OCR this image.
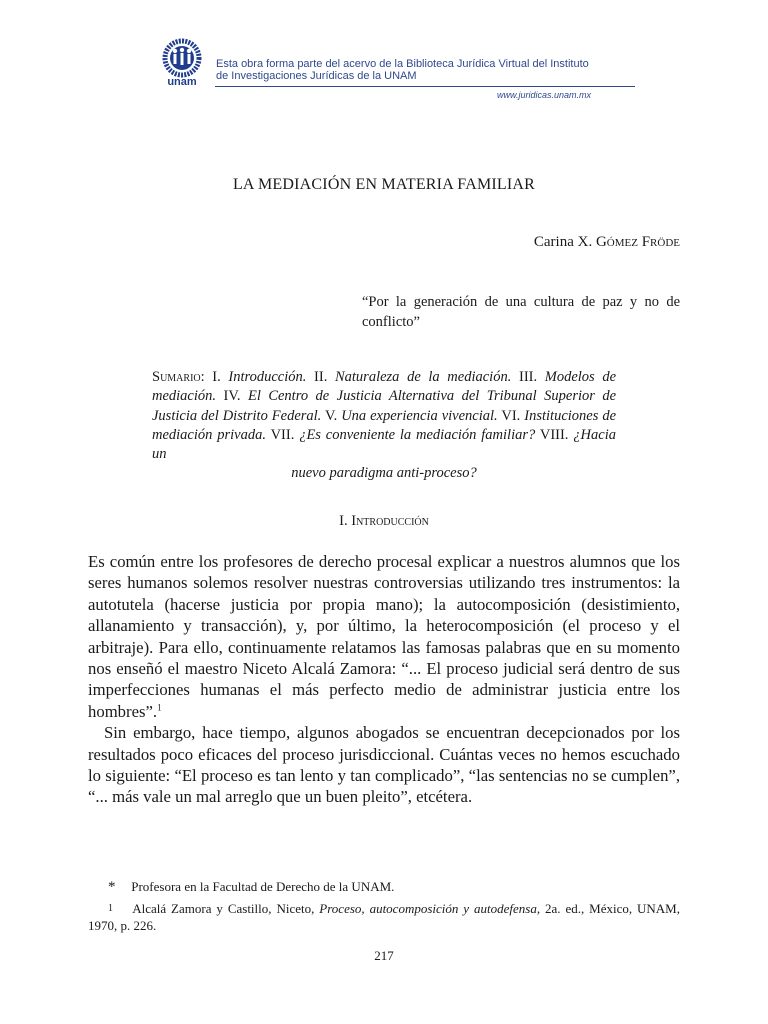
unam
Esta obra forma parte del acervo de la Biblioteca Jurídica Virtual del Instituto
de Investigaciones Jurídicas de la UNAM
www.juridicas.unam.mx
LA MEDIACIÓN EN MATERIA FAMILIAR
Carina X. Gómez Fröde
“Por la generación de una cultura de paz y no de conflicto”
Sumario: I. Introducción. II. Naturaleza de la mediación. III. Modelos de mediación. IV. El Centro de Justicia Alternativa del Tribunal Superior de Justicia del Distrito Federal. V. Una experiencia vivencial. VI. Instituciones de mediación privada. VII. ¿Es conveniente la mediación familiar? VIII. ¿Hacia un
nuevo paradigma anti-proceso?
I. Introducción

Es común entre los profesores de derecho procesal explicar a nuestros alumnos que los seres humanos solemos resolver nuestras controversias utilizando tres instrumentos: la autotutela (hacerse justicia por propia mano); la autocomposición (desistimiento, allanamiento y transacción), y, por último, la heterocomposición (el proceso y el arbitraje). Para ello, continuamente relatamos las famosas palabras que en su momento nos enseñó el maestro Niceto Alcalá Zamora: “... El proceso judicial será dentro de sus imperfecciones humanas el más perfecto medio de administrar justicia entre los hombres”.$^1$

Sin embargo, hace tiempo, algunos abogados se encuentran decepcionados por los resultados poco eficaces del proceso jurisdiccional. Cuántas veces no hemos escuchado lo siguiente: “El proceso es tan lento y tan complicado”, “las sentencias no se cumplen”, “... más vale un mal arreglo que un buen pleito”, etcétera.

* Profesora en la Facultad de Derecho de la UNAM.

1 Alcalá Zamora y Castillo, Niceto, Proceso, autocomposición y autodefensa, 2a. ed., México, UNAM, 1970, p. 226.

217
